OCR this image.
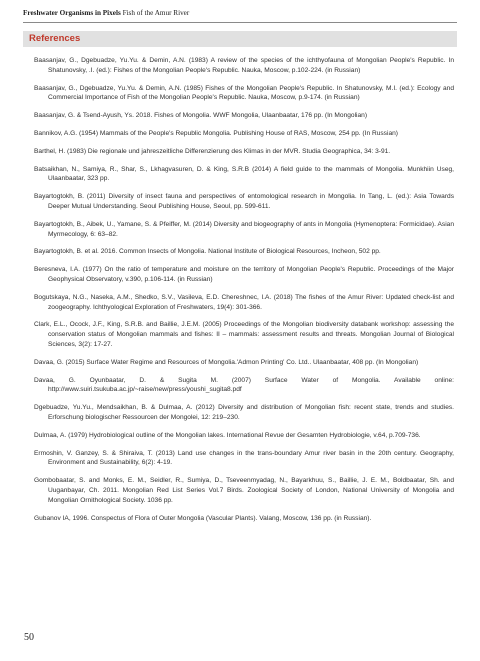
Freshwater Organisms in Pixels Fish of the Amur River
References
Baasanjav, G., Dgebuadze, Yu.Yu. & Demin, A.N. (1983) A review of the species of the ichthyofauna of Mongolian People's Republic. In Shatunovsky, .I. (ed.): Fishes of the Mongolian People's Republic. Nauka, Moscow, p.102-224. (in Russian)
Baasanjav, G., Dgebuadze, Yu.Yu. & Demin, A.N. (1985) Fishes of the Mongolian People's Republic. In Shatunovsky, M.I. (ed.): Ecology and Commercial Importance of Fish of the Mongolian People's Republic. Nauka, Moscow, p.9-174. (in Russian)
Baasanjav, G. & Tsend-Ayush, Ys. 2018. Fishes of Mongolia. WWF Mongolia, Ulaanbaatar, 176 pp. (In Mongolian)
Bannikov, A.G. (1954) Mammals of the People's Republic Mongolia. Publishing House of RAS, Moscow, 254 pp. (In Russian)
Barthel, H. (1983) Die regionale und jahreszeitliche Differenzierung des Klimas in der MVR. Studia Geographica, 34: 3-91.
Batsaikhan, N., Samiya, R., Shar, S., Lkhagvasuren, D. & King, S.R.B (2014) A field guide to the mammals of Mongolia. Munkhiin Useg, Ulaanbaatar, 323 pp.
Bayartogtokh, B. (2011) Diversity of insect fauna and perspectives of entomological research in Mongolia. In Tang, L. (ed.): Asia Towards Deeper Mutual Understanding. Seoul Publishing House, Seoul, pp. 599-611.
Bayartogtokh, B., Aibek, U., Yamane, S. & Pfeiffer, M. (2014) Diversity and biogeography of ants in Mongolia (Hymenoptera: Formicidae). Asian Myrmecology, 6: 63–82.
Bayartogtokh, B. et al. 2016. Common Insects of Mongolia. National Institute of Biological Resources, Incheon, 502 pp.
Beresneva, I.A. (1977) On the ratio of temperature and moisture on the territory of Mongolian People's Republic. Proceedings of the Major Geophysical Observatory, v.390, p.106-114. (in Russian)
Bogutskaya, N.G., Naseka, A.M., Shedko, S.V., Vasileva, E.D. Chereshnec, I.A. (2018) The fishes of the Amur River: Updated check-list and zoogeography. Ichthyological Exploration of Freshwaters, 19(4): 301-366.
Clark, E.L., Ocock, J.F., King, S.R.B. and Baillie, J.E.M. (2005) Proceedings of the Mongolian biodiversity databank workshop: assessing the conservation status of Mongolian mammals and fishes: II – mammals: assessment results and threats. Mongolian Journal of Biological Sciences, 3(2): 17-27.
Davaa, G. (2015) Surface Water Regime and Resources of Mongolia.'Admon Printing' Co. Ltd.. Ulaanbaatar, 408 pp. (In Mongolian)
Davaa, G. Oyunbaatar, D. & Sugita M. (2007) Surface Water of Mongolia. Available online: http://www.suiri.tsukuba.ac.jp/~raise/new/press/youshi_sugita8.pdf
Dgebuadze, Yu.Yu., Mendsaikhan, B. & Dulmaa, A. (2012) Diversity and distribution of Mongolian fish: recent state, trends and studies. Erforschung biologischer Ressourcen der Mongolei, 12: 219–230.
Dulmaa, A. (1979) Hydrobiological outline of the Mongolian lakes. International Revue der Gesamten Hydrobiologie, v.64, p.709-736.
Ermoshin, V. Ganzey, S. & Shiraiva, T. (2013) Land use changes in the trans-boundary Amur river basin in the 20th century. Geography, Environment and Sustainability, 6(2): 4-19.
Gombobaatar, S. and Monks, E. M., Seidler, R., Sumiya, D., Tseveenmyadag, N., Bayarkhuu, S., Baillie, J. E. M., Boldbaatar, Sh. and Uuganbayar, Ch. 2011. Mongolian Red List Series Vol.7 Birds. Zoological Society of London, National University of Mongolia and Mongolian Ornithological Society. 1036 pp.
Gubanov IA, 1996. Conspectus of Flora of Outer Mongolia (Vascular Plants). Valang, Moscow, 136 pp. (in Russian).
50
